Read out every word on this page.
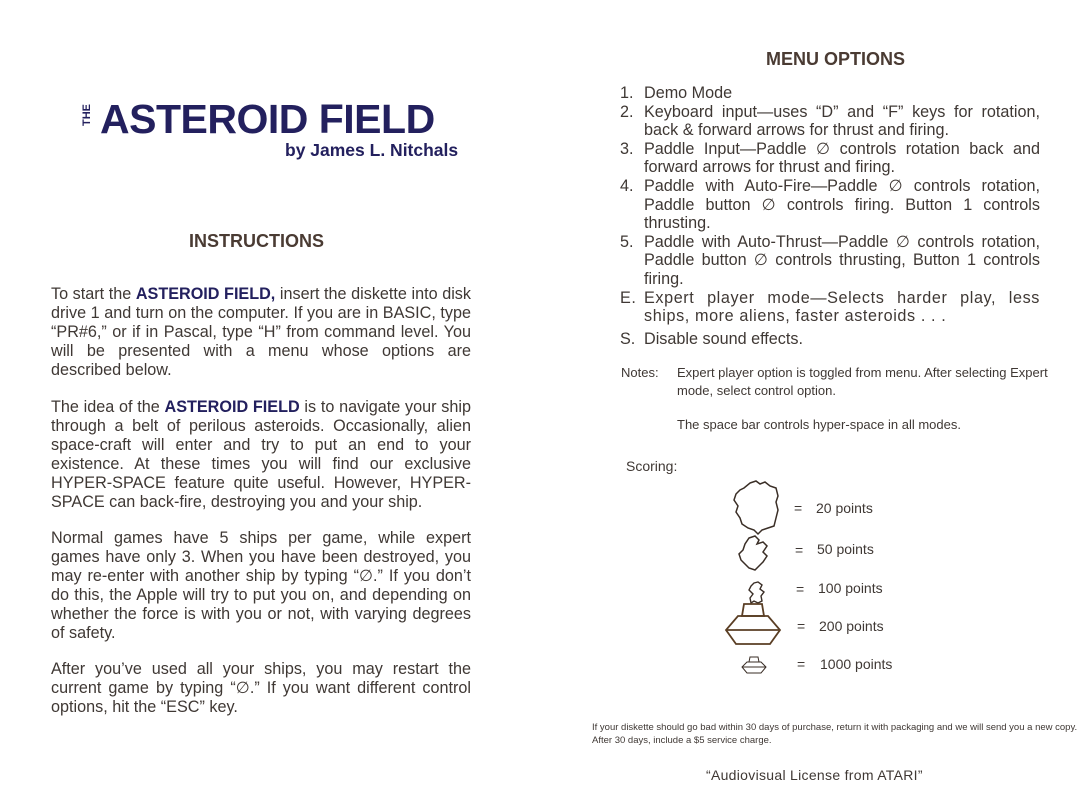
THE ASTEROID FIELD
by James L. Nitchals
INSTRUCTIONS
To start the ASTEROID FIELD, insert the diskette into disk drive 1 and turn on the computer. If you are in BASIC, type “PR#6,” or if in Pascal, type “H” from command level. You will be presented with a menu whose options are described below.
The idea of the ASTEROID FIELD is to navigate your ship through a belt of perilous asteroids. Occasionally, alien space-craft will enter and try to put an end to your existence. At these times you will find our exclusive HYPER-SPACE feature quite useful. However, HYPER-SPACE can back-fire, destroying you and your ship.
Normal games have 5 ships per game, while expert games have only 3. When you have been destroyed, you may re-enter with another ship by typing “∅.” If you don’t do this, the Apple will try to put you on, and depending on whether the force is with you or not, with varying degrees of safety.
After you’ve used all your ships, you may restart the current game by typing “∅.” If you want different control options, hit the “ESC” key.
MENU OPTIONS
1. Demo Mode
2. Keyboard input—uses “D” and “F” keys for rotation, back & forward arrows for thrust and firing.
3. Paddle Input—Paddle ∅ controls rotation back and forward arrows for thrust and firing.
4. Paddle with Auto-Fire—Paddle ∅ controls rotation, Paddle button ∅ controls firing. Button 1 controls thrusting.
5. Paddle with Auto-Thrust—Paddle ∅ controls rotation, Paddle button ∅ controls thrusting, Button 1 controls firing.
E. Expert player mode—Selects harder play, less ships, more aliens, faster asteroids . . .
S. Disable sound effects.
Notes: Expert player option is toggled from menu. After selecting Expert mode, select control option.

The space bar controls hyper-space in all modes.

Scoring:
= 20 points
= 50 points
= 100 points
= 200 points
= 1000 points
If your diskette should go bad within 30 days of purchase, return it with packaging and we will send you a new copy. After 30 days, include a $5 service charge.
“Audiovisual License from ATARI”
